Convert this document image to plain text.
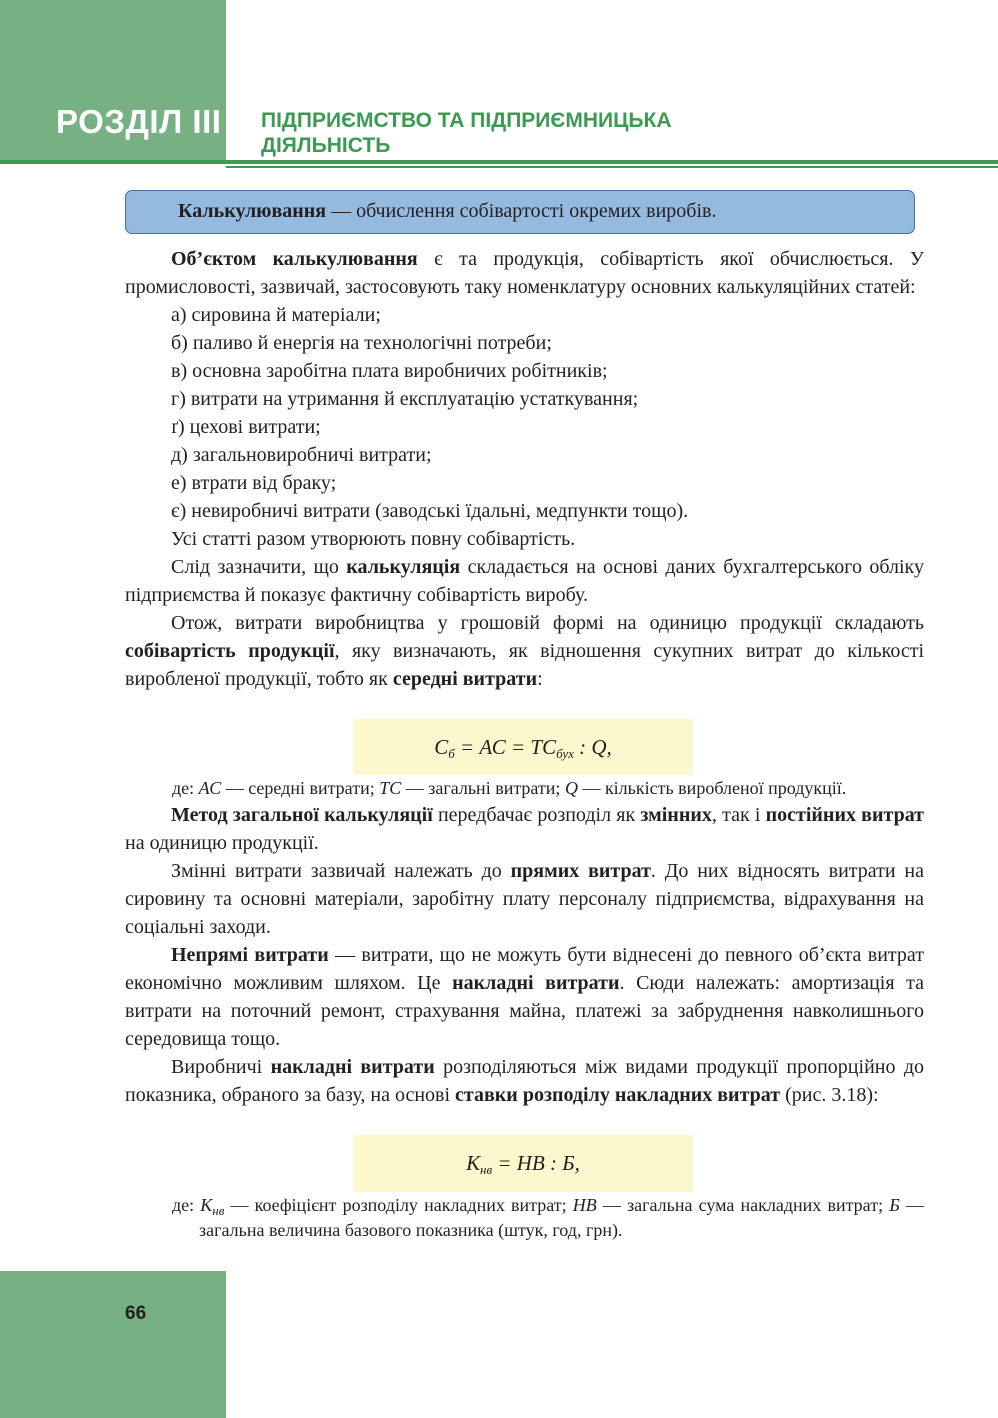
РОЗДІЛ III ПІДПРИЄМСТВО ТА ПІДПРИЄМНИЦЬКА
ДІЯЛЬНІСТЬ
Калькулювання — обчислення собівартості окремих виробів.
Об’єктом калькулювання є та продукція, собівартість якої обчислюється. У промисловості, зазвичай, застосовують таку номенклатуру основних калькуляційних статей:
а) сировина й матеріали;
б) паливо й енергія на технологічні потреби;
в) основна заробітна плата виробничих робітників;
г) витрати на утримання й експлуатацію устаткування;
ґ) цехові витрати;
д) загальновиробничі витрати;
е) втрати від браку;
є) невиробничі витрати (заводські їдальні, медпункти тощо).
Усі статті разом утворюють повну собівартість.
Слід зазначити, що калькуляція складається на основі даних бухгалтерського обліку підприємства й показує фактичну собівартість виробу.
Отож, витрати виробництва у грошовій формі на одиницю продукції складають собівартість продукції, яку визначають, як відношення сукупних витрат до кількості виробленої продукції, тобто як середні витрати:
$С_б$ = АС = $ТС_{бух}$ : Q,
де: АС — середні витрати; ТС — загальні витрати; Q — кількість виробленої продукції.
Метод загальної калькуляції передбачає розподіл як змінних, так і постійних витрат на одиницю продукції.
Змінні витрати зазвичай належать до прямих витрат. До них відносять витрати на сировину та основні матеріали, заробітну плату персоналу підприємства, відрахування на соціальні заходи.
Непрямі витрати — витрати, що не можуть бути віднесені до певного об’єкта витрат економічно можливим шляхом. Це накладні витрати. Сюди належать: амортизація та витрати на поточний ремонт, страхування майна, платежі за забруднення навколишнього середовища тощо.
Виробничі накладні витрати розподіляються між видами продукції пропорційно до показника, обраного за базу, на основі ставки розподілу накладних витрат (рис. 3.18):
$К_{нв}$ = НВ : Б,
де: $К_{нв}$ — коефіцієнт розподілу накладних витрат; НВ — загальна сума накладних витрат; Б — загальна величина базового показника (штук, год, грн).
66
